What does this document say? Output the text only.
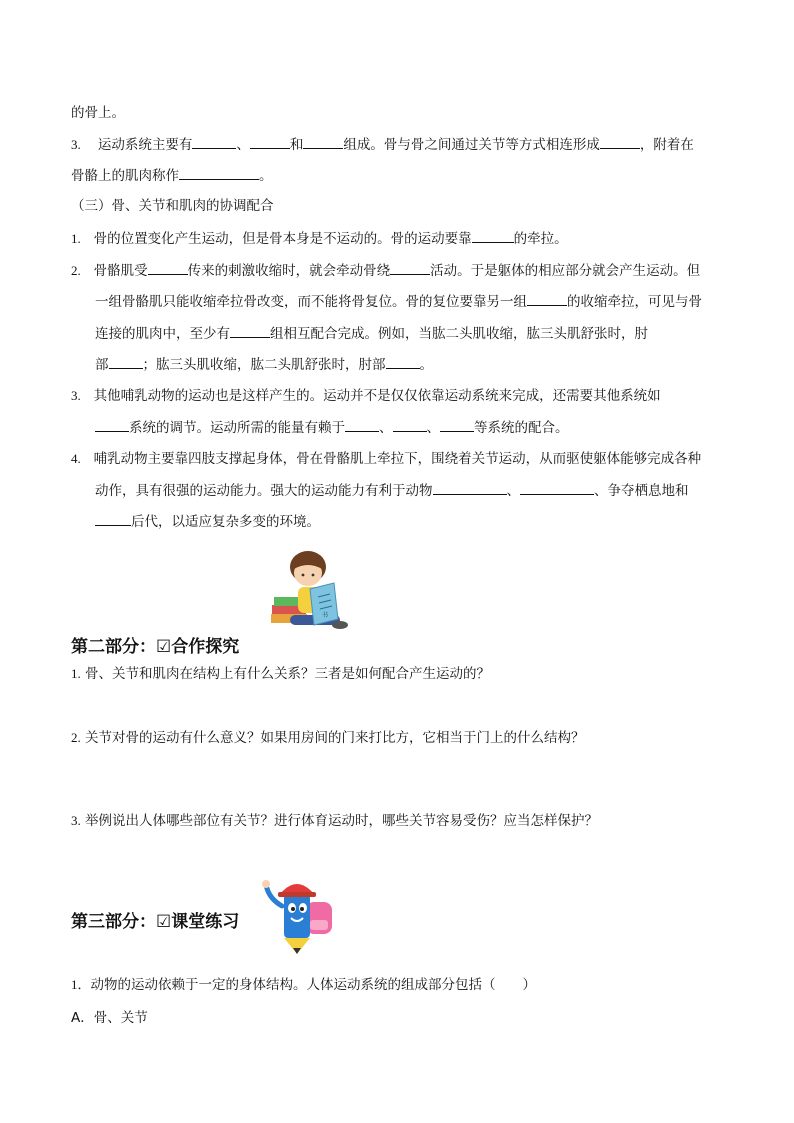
的骨上。
3. 运动系统主要有	、	和	组成。骨与骨之间通过关节等方式相连形成	，附着在
骨骼上的肌肉称作	。
（三）骨、关节和肌肉的协调配合
1. 骨的位置变化产生运动，但是骨本身是不运动的。骨的运动要靠	的牵拉。
2. 骨骼肌受	传来的刺激收缩时，就会牵动骨绕	活动。于是躯体的相应部分就会产生运动。但
一组骨骼肌只能收缩牵拉骨改变，而不能将骨复位。骨的复位要靠另一组	的收缩牵拉，可见与骨
连接的肌肉中，至少有	组相互配合完成。例如，当肱二头肌收缩，肱三头肌舒张时，肘
部	；肱三头肌收缩，肱二头肌舒张时，肘部	。
3. 其他哺乳动物的运动也是这样产生的。运动并不是仅仅依靠运动系统来完成，还需要其他系统如
系统的调节。运动所需的能量有赖于	、	、	等系统的配合。
4. 哺乳动物主要靠四肢支撑起身体，骨在骨骼肌上牵拉下，围绕着关节运动，从而驱使躯体能够完成各种
动作，具有很强的运动能力。强大的运动能力有利于动物	、	、争夺栖息地和
后代，以适应复杂多变的环境。
书
第二部分：☑合作探究
1. 骨、关节和肌肉在结构上有什么关系？三者是如何配合产生运动的？
2. 关节对骨的运动有什么意义？如果用房间的门来打比方，它相当于门上的什么结构？
3. 举例说出人体哪些部位有关节？进行体育运动时，哪些关节容易受伤？应当怎样保护？
第三部分：☑课堂练习
1．动物的运动依赖于一定的身体结构。人体运动系统的组成部分包括（　　）
A．骨、关节
